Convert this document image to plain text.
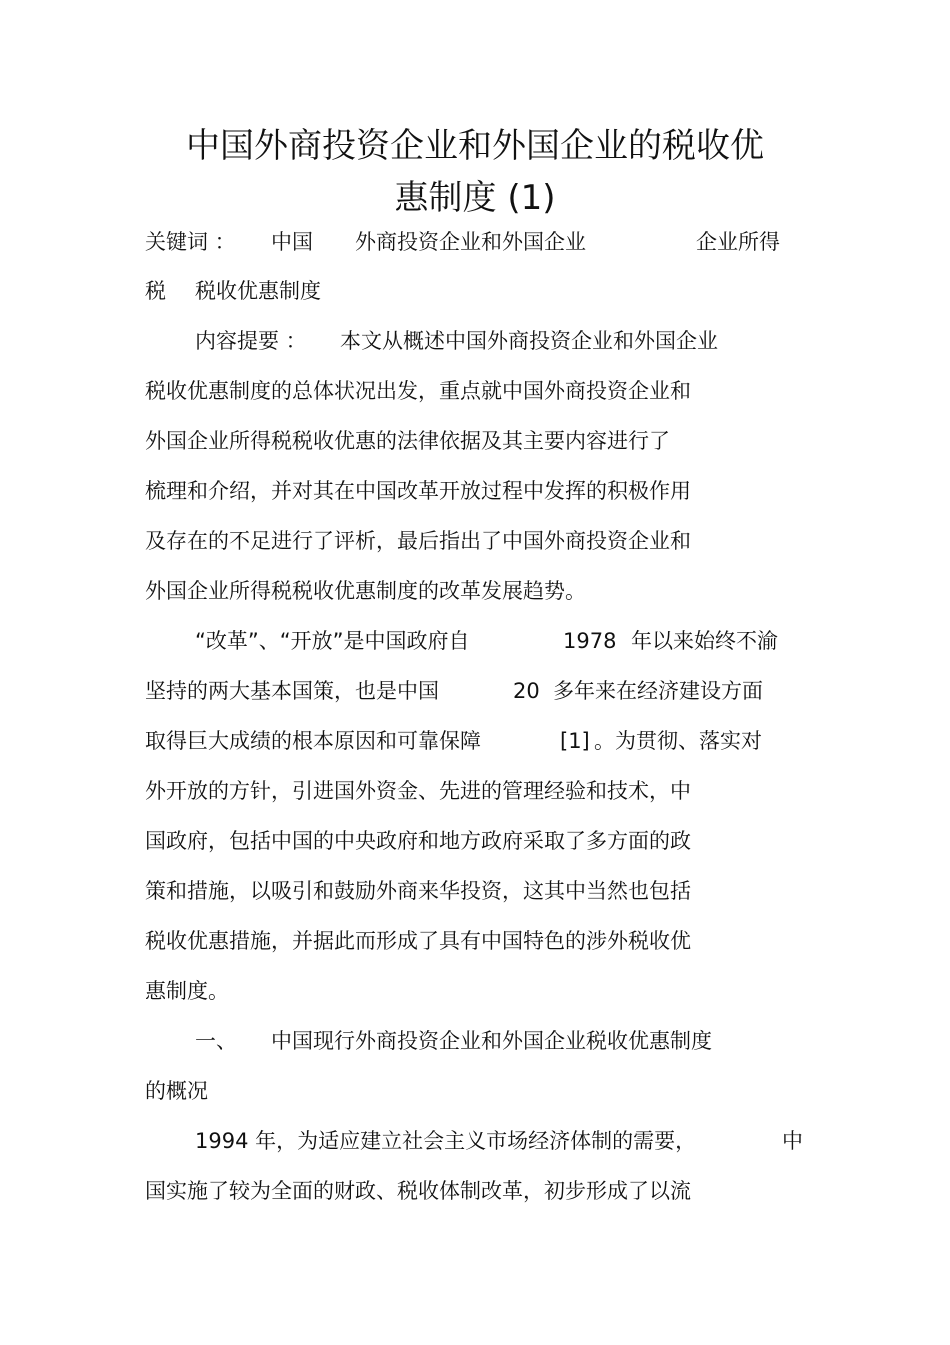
中国外商投资企业和外国企业的税收优
惠制度 (1)
关键词 ： 中国 外商投资企业和外国企业	企业所得
税 税收优惠制度
内容提要 ： 本文从概述中国外商投资企业和外国企业
税收优惠制度的总体状况出发，重点就中国外商投资企业和
外国企业所得税税收优惠的法律依据及其主要内容进行了
梳理和介绍，并对其在中国改革开放过程中发挥的积极作用
及存在的不足进行了评析，最后指出了中国外商投资企业和
外国企业所得税税收优惠制度的改革发展趋势。
“改革”、“开放”是中国政府自	1978 年以来始终不渝
坚持的两大基本国策，也是中国	20 多年来在经济建设方面
取得巨大成绩的根本原因和可靠保障	[1] 。为贯彻、落实对
外开放的方针，引进国外资金、先进的管理经验和技术，中
国政府，包括中国的中央政府和地方政府采取了多方面的政
策和措施，以吸引和鼓励外商来华投资，这其中当然也包括
税收优惠措施，并据此而形成了具有中国特色的涉外税收优
惠制度。
一、 中国现行外商投资企业和外国企业税收优惠制度
的概况
1994 年，为适应建立社会主义市场经济体制的需要，	中
国实施了较为全面的财政、税收体制改革，初步形成了以流
